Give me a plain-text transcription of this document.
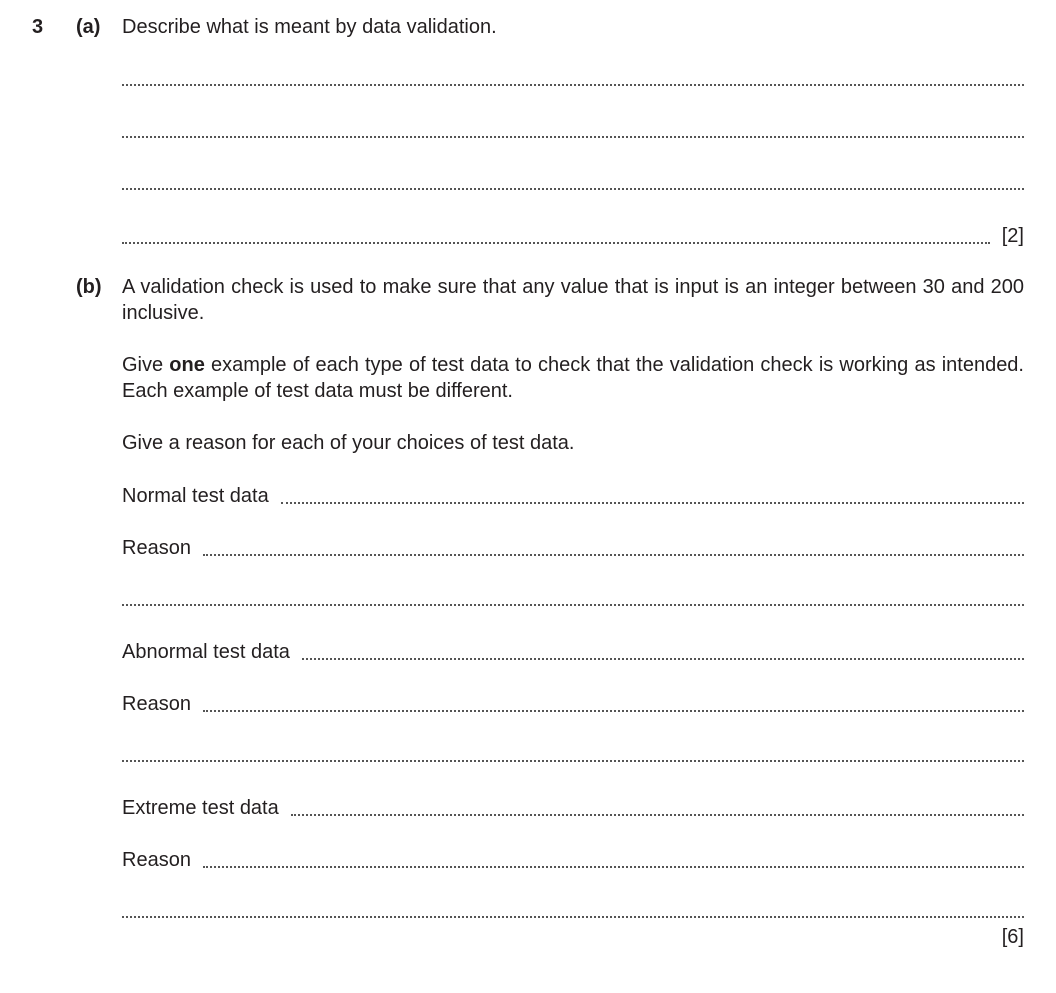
3 (a) Describe what is meant by data validation.
[2]
(b) A validation check is used to make sure that any value that is input is an integer between 30 and 200 inclusive.
Give one example of each type of test data to check that the validation check is working as intended. Each example of test data must be different.
Give a reason for each of your choices of test data.
Normal test data
Reason
Abnormal test data
Reason
Extreme test data
Reason
[6]
